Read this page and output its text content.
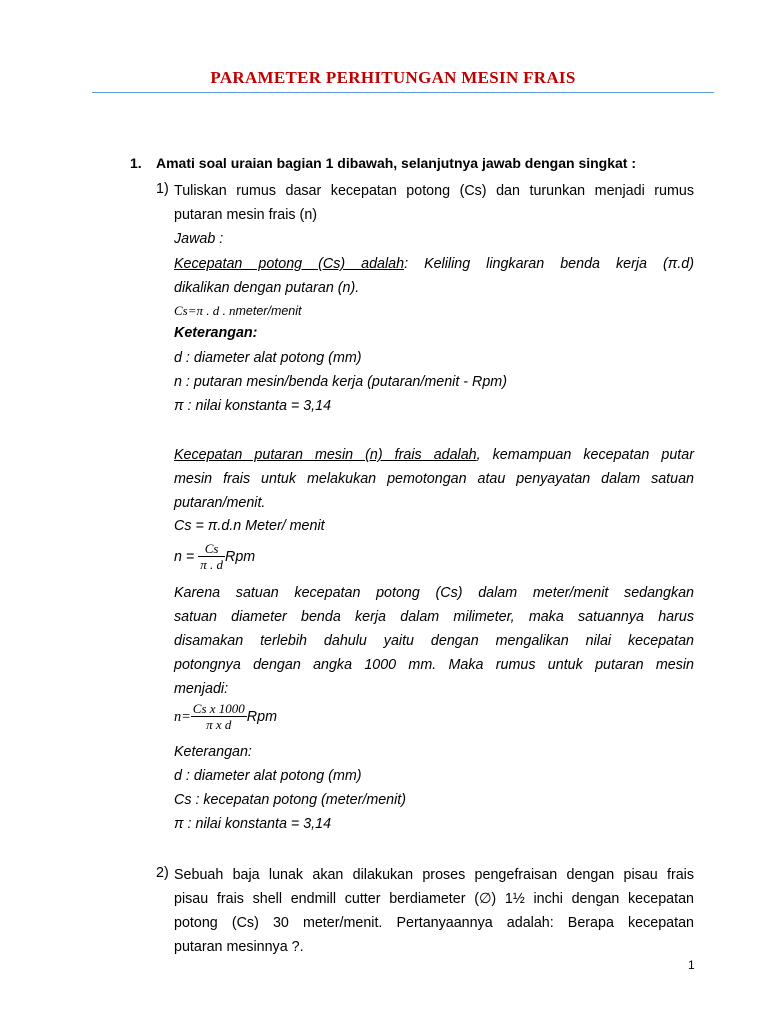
PARAMETER PERHITUNGAN MESIN FRAIS
1. Amati soal uraian bagian 1 dibawah, selanjutnya jawab dengan singkat :
1) Tuliskan rumus dasar kecepatan potong (Cs) dan turunkan menjadi rumus
putaran mesin frais (n)
Jawab :
Kecepatan potong (Cs) adalah: Keliling lingkaran benda kerja (π.d)
dikalikan dengan putaran (n).
Cs=π . d . nmeter/menit
Keterangan:
d : diameter alat potong (mm)
n : putaran mesin/benda kerja (putaran/menit - Rpm)
π : nilai konstanta = 3,14
Kecepatan putaran mesin (n) frais adalah, kemampuan kecepatan putar
mesin frais untuk melakukan pemotongan atau penyayatan dalam satuan
putaran/menit.
Cs = π.d.n Meter/ menit
$n = \frac{Cs}{\pi . d}$ Rpm
Karena satuan kecepatan potong (Cs) dalam meter/menit sedangkan
satuan diameter benda kerja dalam milimeter, maka satuannya harus
disamakan terlebih dahulu yaitu dengan mengalikan nilai kecepatan
potongnya dengan angka 1000 mm. Maka rumus untuk putaran mesin
menjadi:
$n= \frac{\text{Cs x 1000}}{\text{π x d}}$ Rpm
Keterangan:
d : diameter alat potong (mm)
Cs : kecepatan potong (meter/menit)
π : nilai konstanta = 3,14
2) Sebuah baja lunak akan dilakukan proses pengefraisan dengan pisau frais
pisau frais shell endmill cutter berdiameter (∅) 1½ inchi dengan kecepatan
potong (Cs) 30 meter/menit. Pertanyaannya adalah: Berapa kecepatan
putaran mesinnya ?.
1
